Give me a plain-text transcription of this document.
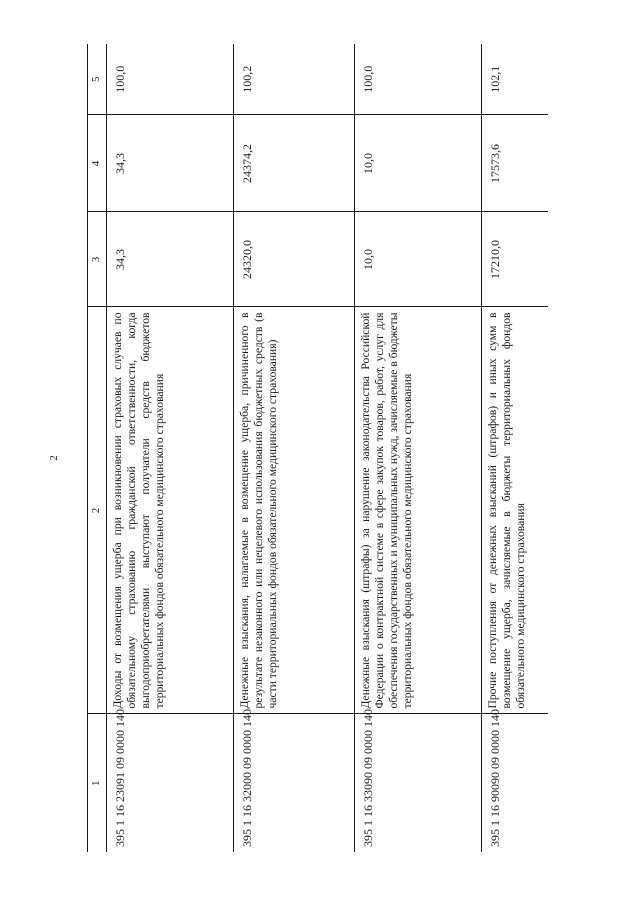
2
1	2	3	4	5
395 1 16 23091 09 0000 140	Доходы от возмещения ущерба при возникновении страховых случаев по обязательному страхованию гражданской ответственности, когда выгодоприобретателями выступают получатели средств бюджетов территориальных фондов обязательного медицинского страхования	34,3	34,3	100,0
395 1 16 32000 09 0000 140	Денежные взыскания, налагаемые в возмещение ущерба, причиненного в результате незаконного или нецелевого использования бюджетных средств (в части территориальных фондов обязательного медицинского страхования)	24320,0	24374,2	100,2
395 1 16 33090 09 0000 140	Денежные взыскания (штрафы) за нарушение законодательства Российской Федерации о контрактной системе в сфере закупок товаров, работ, услуг для обеспечения государственных и муниципальных нужд, зачисляемые в бюджеты территориальных фондов обязательного медицинского страхования	10,0	10,0	100,0
395 1 16 90090 09 0000 140	Прочие поступления от денежных взысканий (штрафов) и иных сумм в возмещение ущерба, зачисляемые в бюджеты территориальных фондов обязательного медицинского страхования	17210,0	17573,6	102,1
